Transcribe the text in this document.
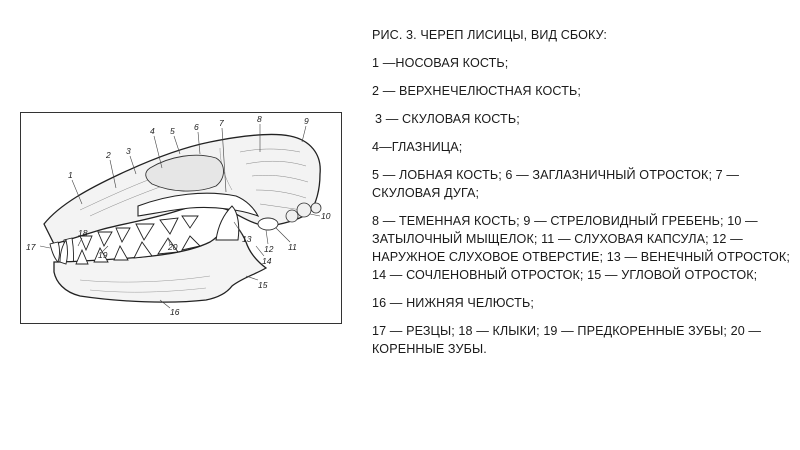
1
2 3
4 5 6 7	8	9
10
11
12
13
14
15
16
17
18
19
20

РИС. 3. ЧЕРЕП ЛИСИЦЫ, ВИД СБОКУ:

1 —НОСОВАЯ КОСТЬ;

2 — ВЕРХНЕЧЕЛЮСТНАЯ КОСТЬ;

3 — СКУЛОВАЯ КОСТЬ;

4—ГЛАЗНИЦА;

5 — ЛОБНАЯ КОСТЬ; 6 — ЗАГЛАЗНИЧНЫЙ ОТРОСТОК; 7 — СКУЛОВАЯ ДУГА;

8 — ТЕМЕННАЯ КОСТЬ; 9 — СТРЕЛОВИДНЫЙ ГРЕБЕНЬ; 10 — ЗАТЫЛОЧНЫЙ МЫЩЕЛОК; 11 — СЛУХОВАЯ КАПСУЛА; 12 — НАРУЖНОЕ СЛУХОВОЕ ОТВЕРСТИЕ; 13 — ВЕНЕЧНЫЙ ОТРОСТОК; 14 — СОЧЛЕНОВНЫЙ ОТРОСТОК; 15 — УГЛОВОЙ ОТРОСТОК;

16 — НИЖНЯЯ ЧЕЛЮСТЬ;

17 — РЕЗЦЫ; 18 — КЛЫКИ; 19 — ПРЕДКОРЕННЫЕ ЗУБЫ; 20 — КОРЕННЫЕ ЗУБЫ.
